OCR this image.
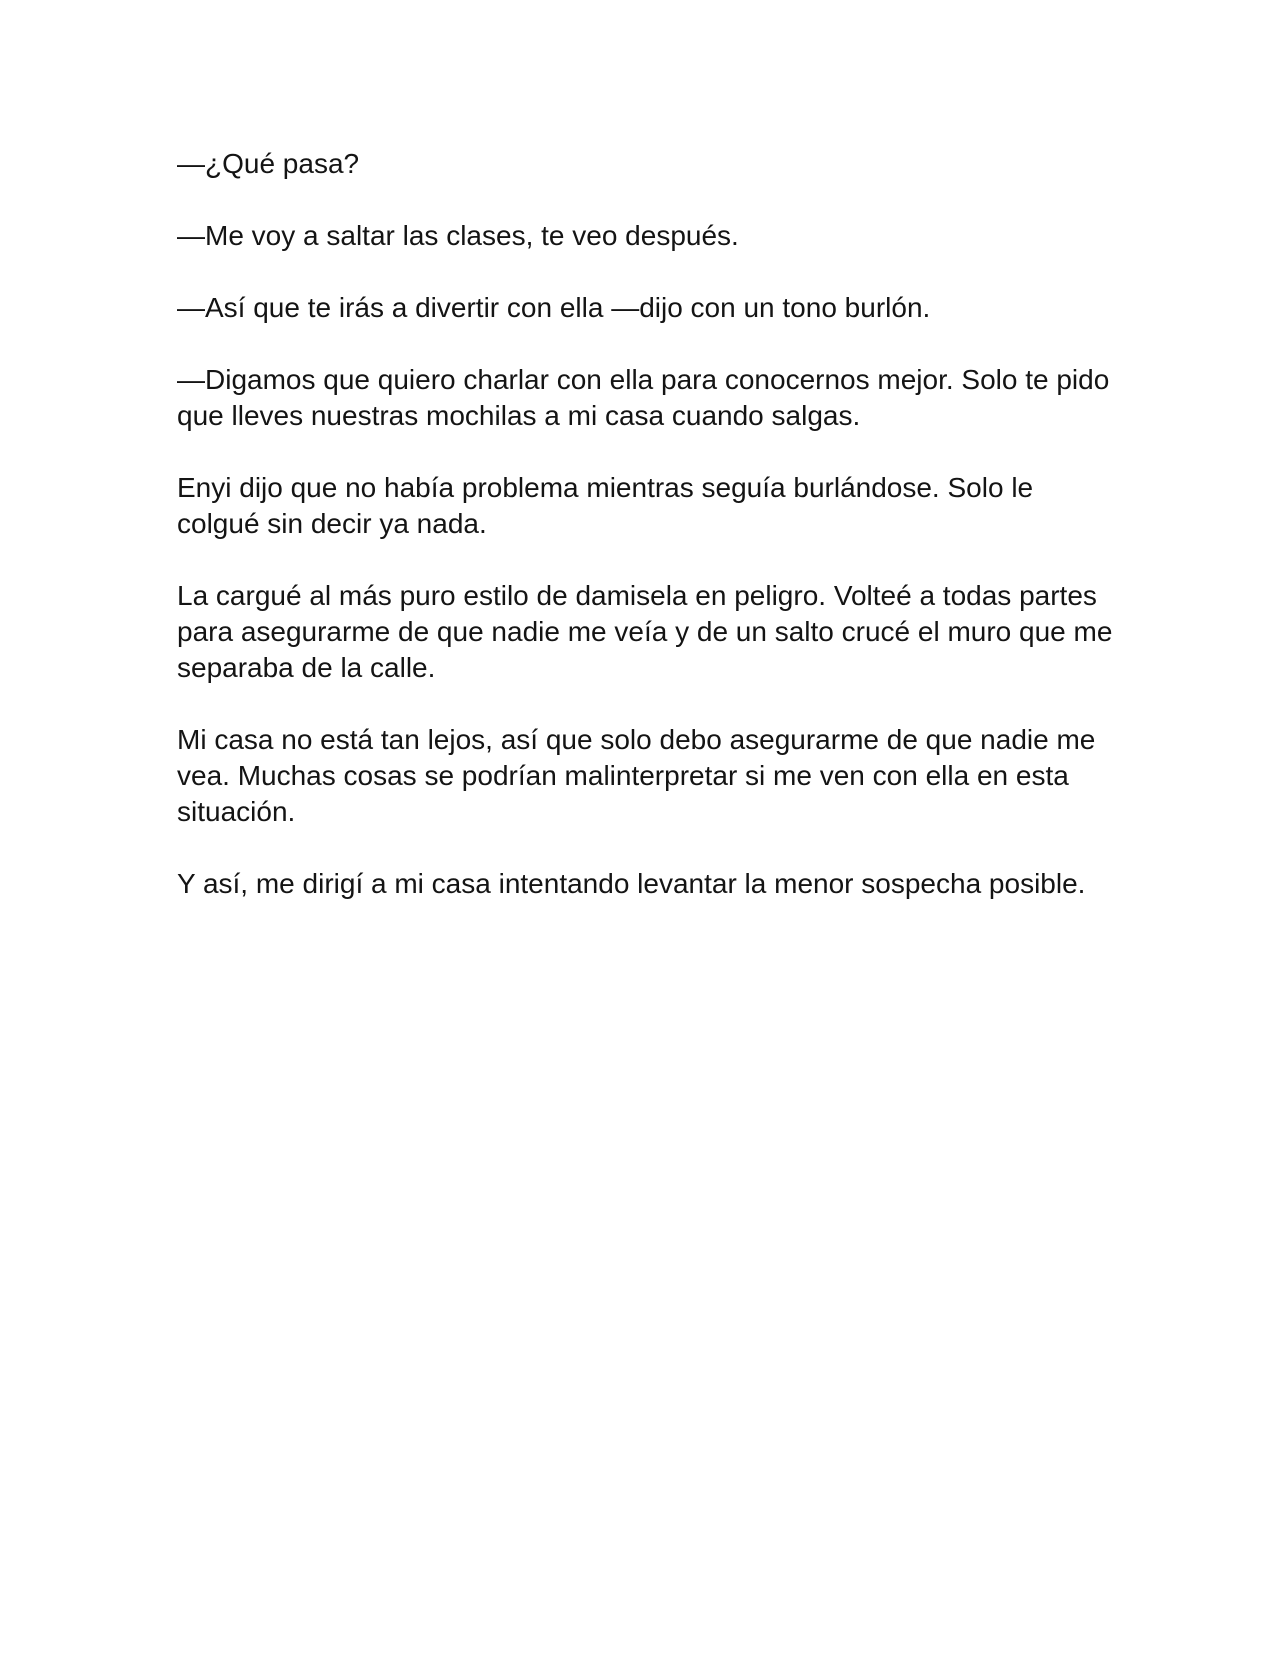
—¿Qué pasa?

—Me voy a saltar las clases, te veo después.

—Así que te irás a divertir con ella —dijo con un tono burlón.

—Digamos que quiero charlar con ella para conocernos mejor. Solo te pido que lleves nuestras mochilas a mi casa cuando salgas.

Enyi dijo que no había problema mientras seguía burlándose. Solo le colgué sin decir ya nada.

La cargué al más puro estilo de damisela en peligro. Volteé a todas partes para asegurarme de que nadie me veía y de un salto crucé el muro que me separaba de la calle.

Mi casa no está tan lejos, así que solo debo asegurarme de que nadie me vea. Muchas cosas se podrían malinterpretar si me ven con ella en esta situación.

Y así, me dirigí a mi casa intentando levantar la menor sospecha posible.
